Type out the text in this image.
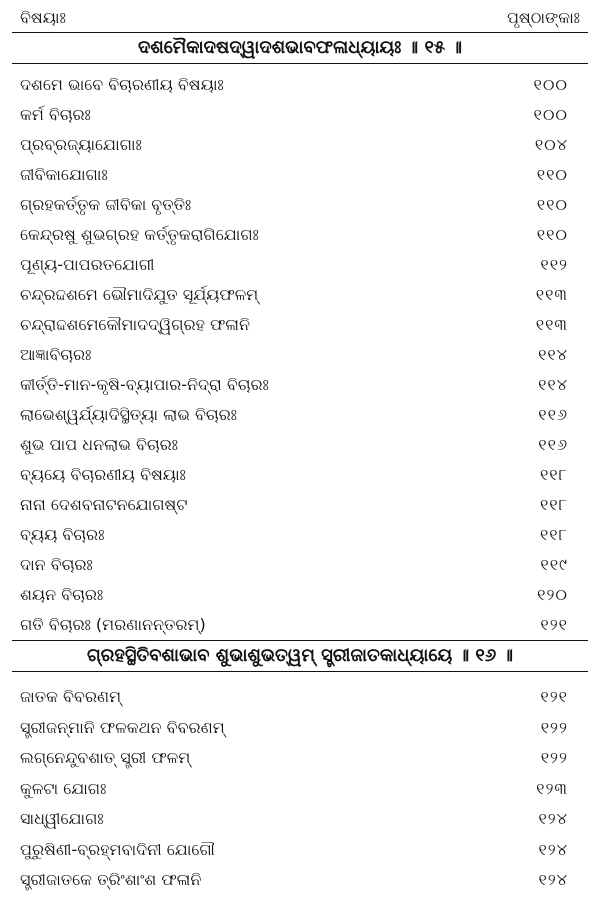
ବିଷୟାଃ	ପୃଷ୍ଠାଙ୍କାଃ
ଦଶମୈକାଦଷଦ୍ୱାଦଶଭାବଫଳାଧ୍ୟାୟଃ ॥ ୧୫ ॥
ଦଶମେ ଭାବେ ବିଚାରଣୀୟ ବିଷୟାଃ	୧୦୦
କର୍ମ ବିଚାରଃ	୧୦୦
ପ୍ରବ୍ରଜ୍ୟାଯୋଗାଃ	୧୦୪
ଜୀବିକାଯୋଗାଃ	୧୧୦
ଗ୍ରହକର୍ତ୍ତୃକ ଜୀବିକା ବୃତ୍ତିଃ	୧୧୦
କେନ୍ଦ୍ରଷୁ ଶୁଭଗ୍ରହ କର୍ତ୍ତୃକରାଗିଯୋଗଃ	୧୧୦
ପୂଣ୍ୟ-ପାପରତଯୋଗୀ	୧୧୨
ଚନ୍ଦ୍ରଦ୍ଦଶମେ ଭୌମାଦିଯୁତ ସୂର୍ଯ୍ୟଫଳମ୍	୧୧୩
ଚନ୍ଦ୍ରାଦ୍ଦଶମେକୌମାଦଦ୍ୱିଗ୍ରହ ଫଳାନି	୧୧୩
ଆଜ୍ଞାବିଚାରଃ	୧୧୪
କୀର୍ତ୍ତି-ମାନ-କୃଷି-ବ୍ୟାପାର-ନିଦ୍ରା ବିଚାରଃ	୧୧୪
ଲାଭେଶ୍ୱର୍ଯ୍ୟାଦିସ୍ଥିତ୍ୟା ଲାଭ ବିଚାରଃ	୧୧୬
ଶୁଭ ପାପ ଧନଲାଭ ବିଚାରଃ	୧୧୬
ବ୍ୟୟେ ବିଚାରଣୀୟ ବିଷୟାଃ	୧୧୮
ନାନା ଦେଶବନାଟନଯୋଗଷ୍ଟ	୧୧୮
ବ୍ୟୟ ବିଚାରଃ	୧୧୮
ଦାନ ବିଚାରଃ	୧୧୯
ଶୟନ ବିଚାରଃ	୧୨୦
ଗତି ବିଚାରଃ (ମରଣାନନ୍ତରମ୍)	୧୨୧
ଗ୍ରହସ୍ଥିତିବଶାଭାବ ଶୁଭାଶୁଭତ୍ୱମ୍ ସ୍ତ୍ରୀଜାତକାଧ୍ୟାୟେ ॥ ୧୬ ॥
ଜାତକ ବିବରଣମ୍	୧୨୧
ସ୍ତ୍ରୀଜନ୍ମାନି ଫଳକଥନ ବିବରଣମ୍	୧୨୨
ଲଗ୍ନେନ୍ଦୁବଶାତ୍ ସ୍ତ୍ରୀ ଫଳମ୍	୧୨୨
କୁଳଟା ଯୋଗଃ	୧୨୩
ସାଧ୍ୱୀଯୋଗଃ	୧୨୪
ପୁରୁଷିଣୀ-ବ୍ରହ୍ମବାଦିନୀ ଯୋଗୌ	୧୨୪
ସ୍ତ୍ରୀଜାତକେ ତ୍ରିଂଶାଂଶ ଫଳାନି	୧୨୪
